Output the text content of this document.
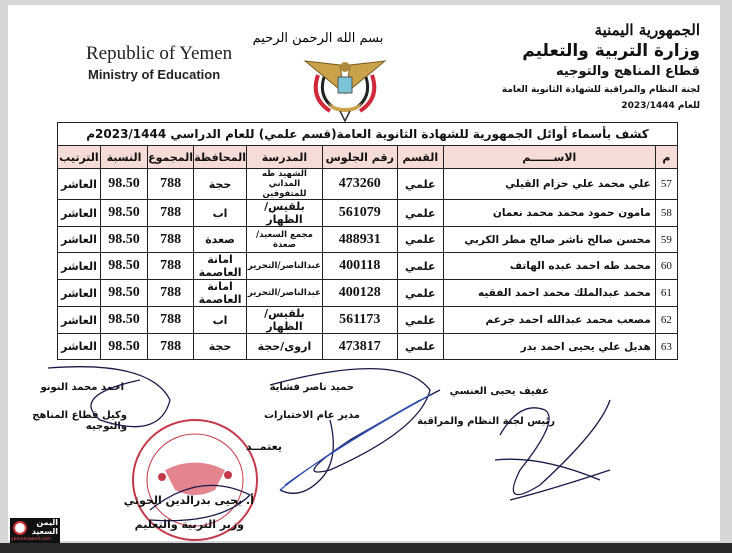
بسم الله الرحمن الرحيم
Republic of Yemen
Ministry of Education
الجمهورية اليمنية
وزارة التربية والتعليم
قطاع المناهج والتوجيه
لجنة النظام والمراقبة للشهادة الثانوية العامة
للعام 2023/1444
كشف بأسماء أوائل الجمهورية للشهادة الثانوية العامة(قسم علمي) للعام الدراسي 2023/1444م								
م	الاســــــم	القسم	رقم الجلوس	المدرسة	المحافظة	المجموع	النسبة	الترتيب
57	علي محمد علي حزام القيلي	علمي	473260	الشهيد طه المداني للمتفوقين	حجة	788	98.50	العاشر
58	مامون حمود محمد محمد نعمان	علمي	561079	بلقيس/الظهار	اب	788	98.50	العاشر
59	محسن صالح ناشر صالح مطر الكربي	علمي	488931	مجمع السعيد/صعدة	صعدة	788	98.50	العاشر
60	محمد طه احمد عبده الهاتف	علمي	400118	عبدالناصر/التحرير	امانة العاصمة	788	98.50	العاشر
61	محمد عبدالملك محمد احمد الفقيه	علمي	400128	عبدالناصر/التحرير	امانة العاصمة	788	98.50	العاشر
62	مصعب محمد عبدالله احمد جرعم	علمي	561173	بلقيس/الظهار	اب	788	98.50	العاشر
63	هديل علي يحيى احمد بدر	علمي	473817	اروى/حجة	حجة	788	98.50	العاشر
عفيف يحيى العنسي
رئيس لجنة النظام والمراقبة
حميد ناصر فشاية
مدير عام الاختبارات
احمد محمد النونو
وكيل قطاع المناهج والتوجيه
يعتمــد
أ. يحيى بدرالدين الحوثي
وزير التربية والتعليم
اليمن
السعيد
yemensaeed.com
